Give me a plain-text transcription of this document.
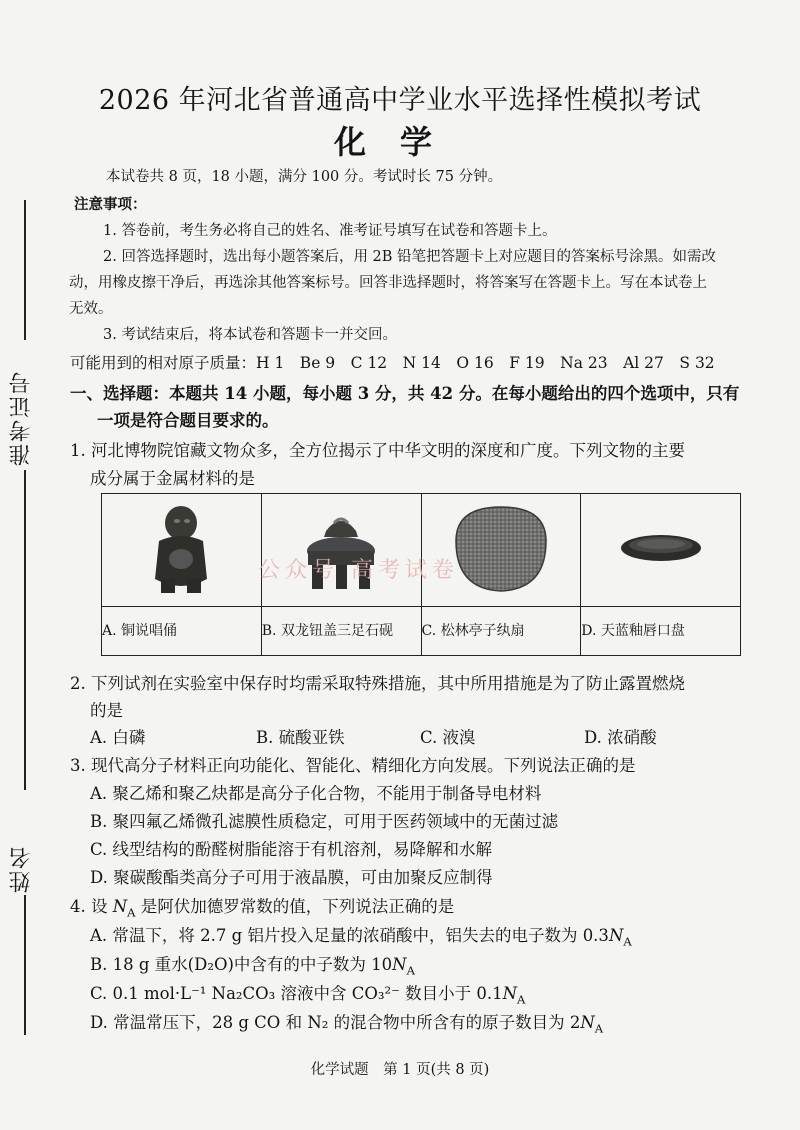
准考证号
姓名
2026 年河北省普通高中学业水平选择性模拟考试
化学
本试卷共 8 页，18 小题，满分 100 分。考试时长 75 分钟。
注意事项：
1. 答卷前，考生务必将自己的姓名、准考证号填写在试卷和答题卡上。
2. 回答选择题时，选出每小题答案后，用 2B 铅笔把答题卡上对应题目的答案标号涂黑。如需改
动，用橡皮擦干净后，再选涂其他答案标号。回答非选择题时，将答案写在答题卡上。写在本试卷上
无效。
3. 考试结束后，将本试卷和答题卡一并交回。
可能用到的相对原子质量：H 1　Be 9　C 12　N 14　O 16　F 19　Na 23　Al 27　S 32
一、选择题：本题共 14 小题，每小题 3 分，共 42 分。在每小题给出的四个选项中，只有
一项是符合题目要求的。
1. 河北博物院馆藏文物众多，全方位揭示了中华文明的深度和广度。下列文物的主要
成分属于金属材料的是

A. 铜说唱俑	B. 双龙钮盖三足石砚	C. 松林亭子纨扇	D. 天蓝釉唇口盘
公众号 高考试卷
2. 下列试剂在实验室中保存时均需采取特殊措施，其中所用措施是为了防止露置燃烧
的是
A. 白磷	B. 硫酸亚铁	C. 液溴	D. 浓硝酸
3. 现代高分子材料正向功能化、智能化、精细化方向发展。下列说法正确的是
A. 聚乙烯和聚乙炔都是高分子化合物，不能用于制备导电材料
B. 聚四氟乙烯微孔滤膜性质稳定，可用于医药领域中的无菌过滤
C. 线型结构的酚醛树脂能溶于有机溶剂，易降解和水解
D. 聚碳酸酯类高分子可用于液晶膜，可由加聚反应制得
4. 设 $N_A$ 是阿伏加德罗常数的值，下列说法正确的是
A. 常温下，将 2.7 g 铝片投入足量的浓硝酸中，铝失去的电子数为 $0.3N_A$
B. 18 g 重水(D₂O)中含有的中子数为 $10N_A$
C. 0.1 mol·L⁻¹ Na₂CO₃ 溶液中含 CO₃²⁻ 数目小于 $0.1N_A$
D. 常温常压下，28 g CO 和 N₂ 的混合物中所含有的原子数目为 $2N_A$
化学试题　第 1 页(共 8 页)
